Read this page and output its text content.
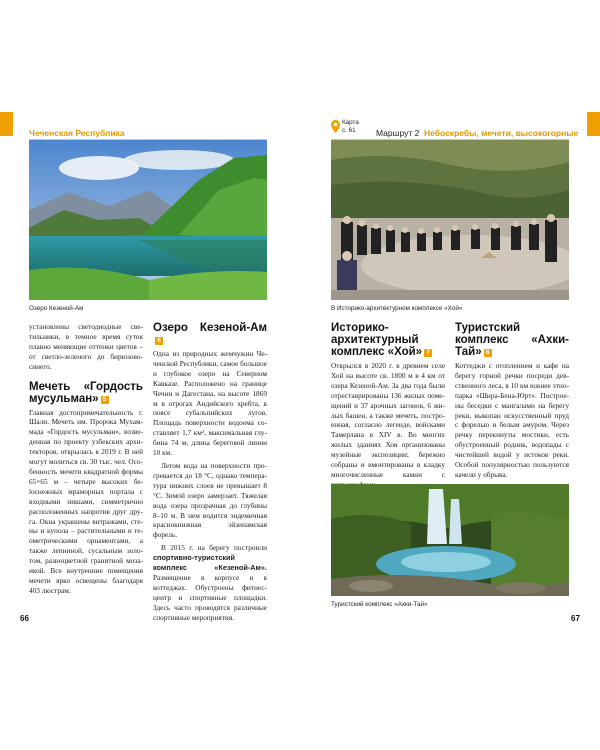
Чеченская Республика
Озеро Кезеной-Ам

установлены светодиодные светильники, в темное время суток плавно меняющие оттенки цветов – от светло-зеленого до бирюзово-синего.

Мечеть «Гордость мусульман» 5

Главная достопримечательность г. Шали. Мечеть им. Пророка Мухаммада «Гордость мусульман», возведенная по проекту узбекских архитекторов, открылась в 2019 г. В ней могут молиться св. 30 тыс. чел. Особенность мечети квадратной формы 65×65 м – четыре высоких беloснежных мраморных портала с входными нишами, симметрично расположенных напротив друг друга. Окна украшены витражами, стены и купола – растительными и геометрическими орнаментами, а также лепниной, сусальным золотом, разноцветной гранитной мозаикой. Все внутренние помещения мечети ярко освещены благодаря 403 люстрам.

Озеро Кезеной-Ам6

Одна из природных жемчужин Чеченской Республики, самое большое и глубокое озеро на Северном Кавказе. Расположено на границе Чечни и Дагестана, на высоте 1869 м в отрогах Андийского хребта, в поясе субальпийских лугов. Площадь поверхности водоема составляет 1,7 км², максимальная глубина 74 м, длина береговой линии 10 км.

Летом вода на поверхности прогревается до 18 °С, однако температура нижних слоев не превышает 8 °С. Зимой озеро замерзает. Тяжелая вода озера прозрачная до глубины 8–10 м. В нем водится эндемичная краснокнижная эйзинамская форель.

В 2015 г. на берегу построили спортивно-туристский комплекс «Кезеной-Ам». Размещение в корпусе и в коттеджах. Обустроены фитнес-центр и спортивные площадки. Здесь часто проводятся различные спортивные мероприятия.

66
Карта
с. 61	Маршрут 2 Небоскребы, мечети, высокогорные
В Историко-архитектурном комплексе «Хой»
Историко-архитектурный комплекс «Хой» 7

Открылся в 2020 г. в древнем селе Хой на высоте св. 1800 м в 4 км от озера Кезеной-Ам. За два года были отреставрированы 136 жилых помещений и 37 арочных загонов, 6 жилых башен, а также мечеть, построенная, согласно легенде, войсками Тамерлана в XIV в. Во многих жилых зданиях Хоя организованы музейные экспозиции; бережно собраны и вмонтированы в кладку многочисленные камни с

Туристский комплекс «Ахки-Тай» 8

Коттеджи с отоплением и кафе на берегу горной речки посреди девственного леса, в 10 км южнее этнопарка «Шира-Бена-Юрт». Построены беседки с мангалами на берегу реки, выкопан искусственный пруд с форелью и белым амуром. Через речку перекинуты мостики, есть обустроенный родник, водопады с чистейшей водой у истоков реки. Особой популярностью пользуются качели у обрыва.

Туристский комплекс «Ахки-Тай»
67
